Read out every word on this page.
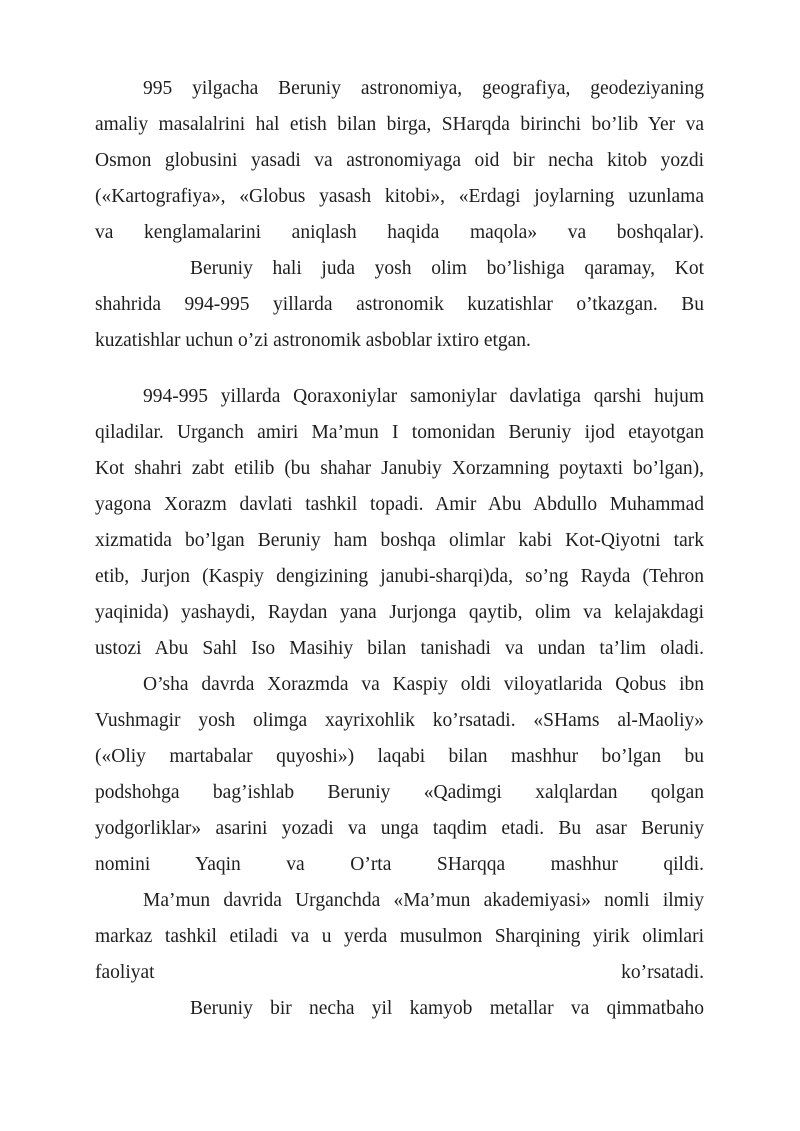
995 yilgacha Beruniy astronomiya, geografiya, geodeziyaning
amaliy masalalrini hal etish bilan birga, SHarqda birinchi bo’lib Yer va
Osmon globusini yasadi va astronomiyaga oid bir necha kitob yozdi
(«Kartografiya», «Globus yasash kitobi», «Erdagi joylarning uzunlama
va kenglamalarini aniqlash haqida maqola» va boshqalar).
Beruniy hali juda yosh olim bo’lishiga qaramay, Kot
shahrida 994-995 yillarda astronomik kuzatishlar o’tkazgan. Bu
kuzatishlar uchun o’zi astronomik asboblar ixtiro etgan.
994-995 yillarda Qoraxoniylar samoniylar davlatiga qarshi hujum
qiladilar. Urganch amiri Ma’mun I tomonidan Beruniy ijod etayotgan
Kot shahri zabt etilib (bu shahar Janubiy Xorzamning poytaxti bo’lgan),
yagona Xorazm davlati tashkil topadi. Amir Abu Abdullo Muhammad
xizmatida bo’lgan Beruniy ham boshqa olimlar kabi Kot-Qiyotni tark
etib, Jurjon (Kaspiy dengizining janubi-sharqi)da, so’ng Rayda (Tehron
yaqinida) yashaydi, Raydan yana Jurjonga qaytib, olim va kelajakdagi
ustozi Abu Sahl Iso Masihiy bilan tanishadi va undan ta’lim oladi.
O’sha davrda Xorazmda va Kaspiy oldi viloyatlarida Qobus ibn
Vushmagir yosh olimga xayrixohlik ko’rsatadi. «SHams al-Maoliy»
(«Oliy martabalar quyoshi») laqabi bilan mashhur bo’lgan bu
podshohga bag’ishlab Beruniy «Qadimgi xalqlardan qolgan
yodgorliklar» asarini yozadi va unga taqdim etadi. Bu asar Beruniy
nomini Yaqin va O’rta SHarqqa mashhur qildi.
Ma’mun davrida Urganchda «Ma’mun akademiyasi» nomli ilmiy
markaz tashkil etiladi va u yerda musulmon Sharqining yirik olimlari
faoliyat ko’rsatadi.
Beruniy bir necha yil kamyob metallar va qimmatbaho
